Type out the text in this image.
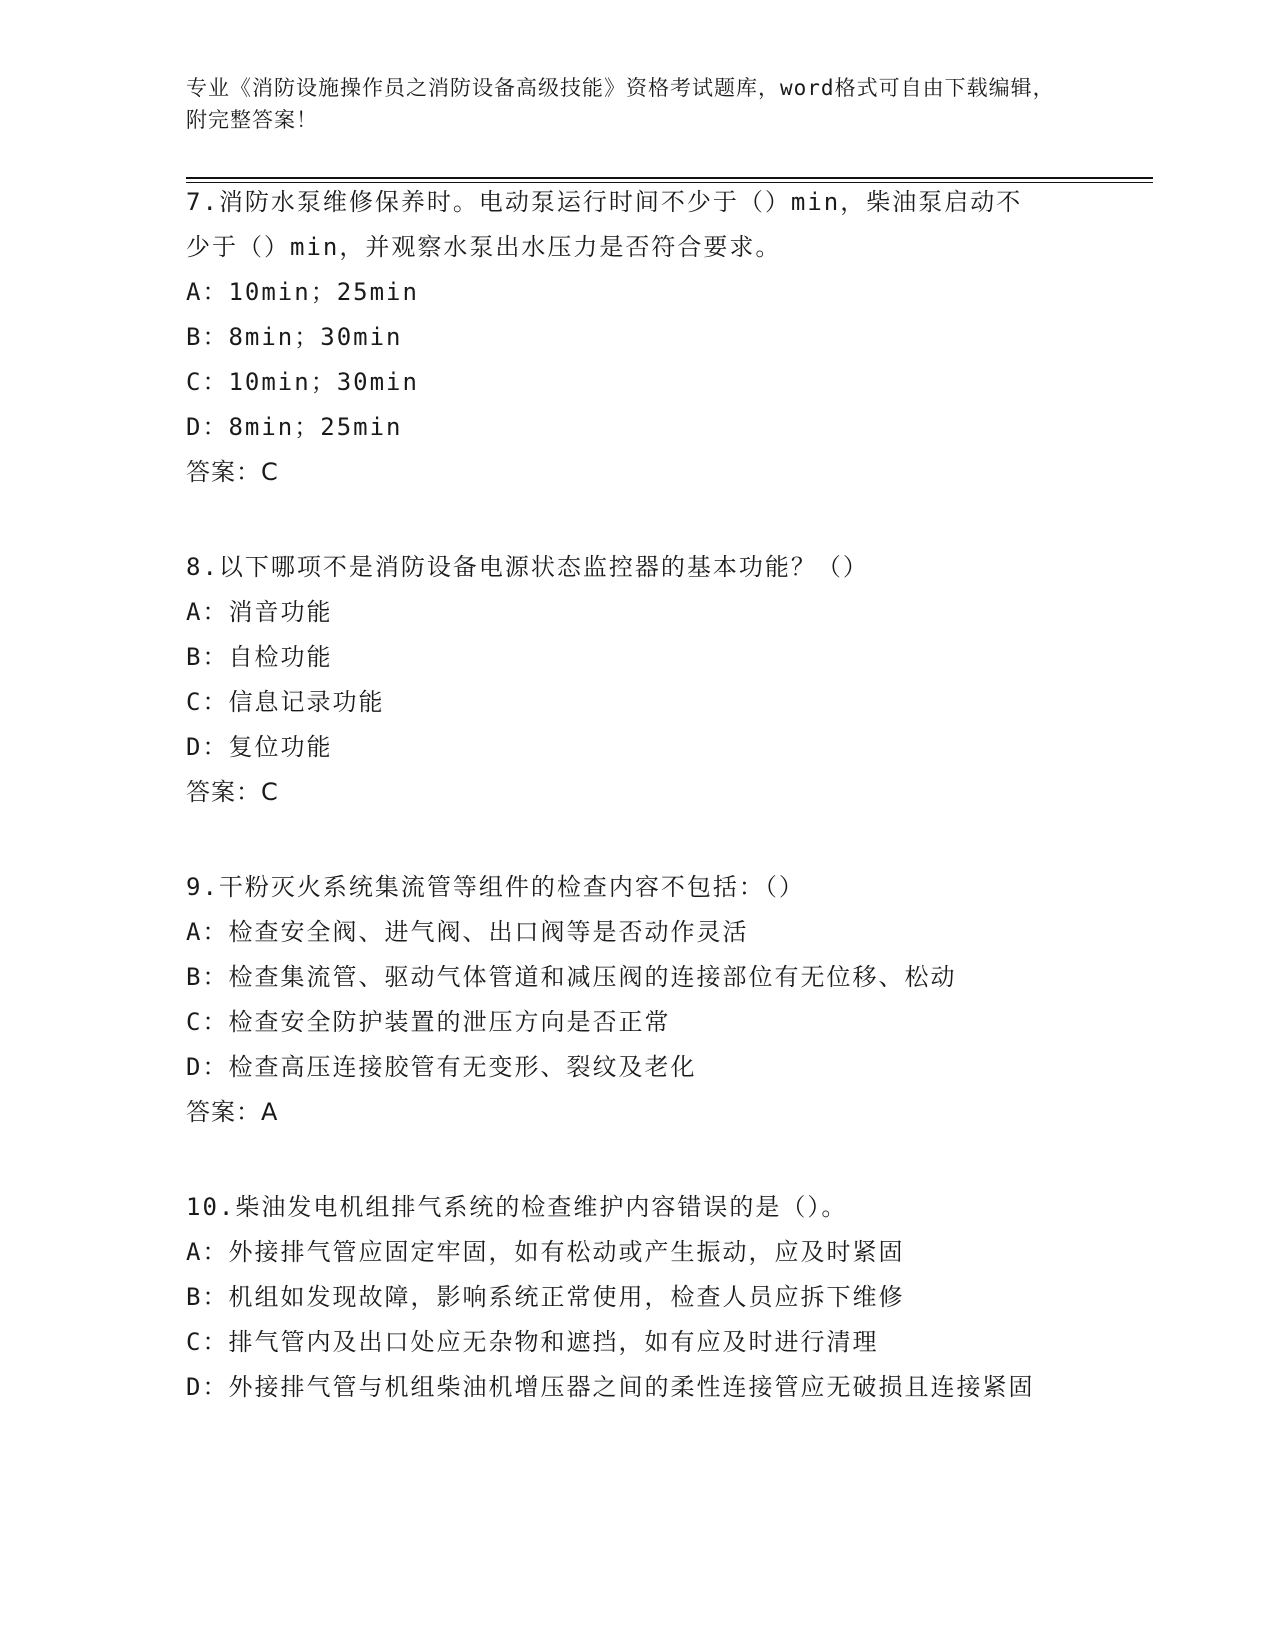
专业《消防设施操作员之消防设备高级技能》资格考试题库，word格式可自由下载编辑，附完整答案！
7.消防水泵维修保养时。电动泵运行时间不少于（）min，柴油泵启动不少于（）min，并观察水泵出水压力是否符合要求。
A：10min；25min
B：8min；30min
C：10min；30min
D：8min；25min
答案：C
8.以下哪项不是消防设备电源状态监控器的基本功能？（）
A：消音功能
B：自检功能
C：信息记录功能
D：复位功能
答案：C
9.干粉灭火系统集流管等组件的检查内容不包括：（）
A：检查安全阀、进气阀、出口阀等是否动作灵活
B：检查集流管、驱动气体管道和减压阀的连接部位有无位移、松动
C：检查安全防护装置的泄压方向是否正常
D：检查高压连接胶管有无变形、裂纹及老化
答案：A
10.柴油发电机组排气系统的检查维护内容错误的是（）。
A：外接排气管应固定牢固，如有松动或产生振动，应及时紧固
B：机组如发现故障，影响系统正常使用，检查人员应拆下维修
C：排气管内及出口处应无杂物和遮挡，如有应及时进行清理
D：外接排气管与机组柴油机增压器之间的柔性连接管应无破损且连接紧固
